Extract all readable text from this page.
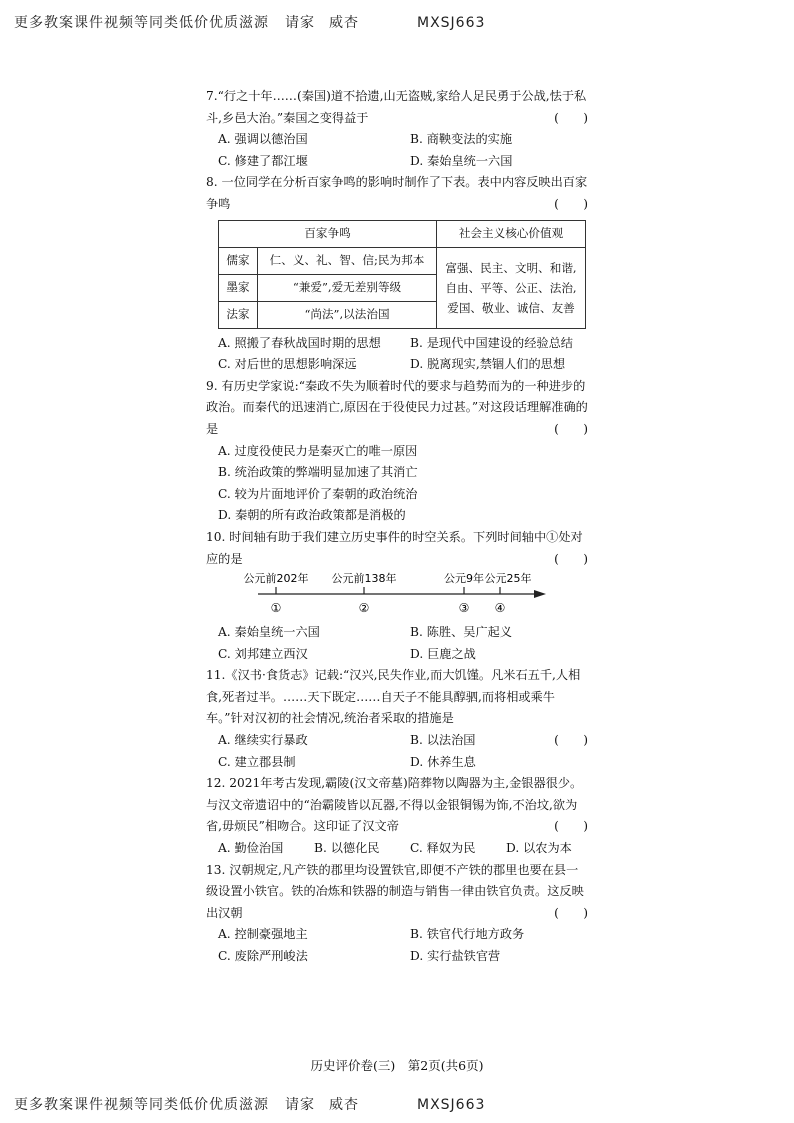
更多教案课件视频等同类低价优质滋源 请家 威杏	MXSJ663
7.“行之十年……(秦国)道不拾遗,山无盗贼,家给人足民勇于公战,怯于私斗,乡邑大治。”秦国之变得益于	(　　)
A. 强调以德治国	B. 商鞅变法的实施
C. 修建了都江堰	D. 秦始皇统一六国
8. 一位同学在分析百家争鸣的影响时制作了下表。表中内容反映出百家争鸣	(　　)
百家争鸣		社会主义核心价值观
儒家	仁、义、礼、智、信;民为邦本	富强、民主、文明、和谐,自由、平等、公正、法治,爱国、敬业、诚信、友善
墨家	“兼爱”,爱无差别等级	
法家	“尚法”,以法治国	
A. 照搬了春秋战国时期的思想	B. 是现代中国建设的经验总结
C. 对后世的思想影响深远	D. 脱离现实,禁锢人们的思想
9. 有历史学家说:“秦政不失为顺着时代的要求与趋势而为的一种进步的政治。而秦代的迅速消亡,原因在于役使民力过甚。”对这段话理解准确的是	(　　)
A. 过度役使民力是秦灭亡的唯一原因
B. 统治政策的弊端明显加速了其消亡
C. 较为片面地评价了秦朝的政治统治
D. 秦朝的所有政治政策都是消极的
10. 时间轴有助于我们建立历史事件的时空关系。下列时间轴中①处对应的是	(　　)
公元前202年 公元前138年	公元9年 公元25年
①	②	③ ④
A. 秦始皇统一六国	B. 陈胜、吴广起义
C. 刘邦建立西汉	D. 巨鹿之战
11.《汉书·食货志》记载:“汉兴,民失作业,而大饥馑。凡米石五千,人相食,死者过半。……天下既定……自天子不能具醇驷,而将相或乘牛车。”针对汉初的社会情况,统治者采取的措施是
(　　)
A. 继续实行暴政	B. 以法治国
C. 建立郡县制	D. 休养生息
12. 2021年考古发现,霸陵(汉文帝墓)陪葬物以陶器为主,金银器很少。与汉文帝遗诏中的“治霸陵皆以瓦器,不得以金银铜锡为饰,不治坟,欲为省,毋烦民”相吻合。这印证了汉文帝	(　　)
A. 勤俭治国	B. 以德化民	C. 释奴为民	D. 以农为本
13. 汉朝规定,凡产铁的郡里均设置铁官,即便不产铁的郡里也要在县一级设置小铁官。铁的冶炼和铁器的制造与销售一律由铁官负责。这反映出汉朝	(　　)
A. 控制豪强地主	B. 铁官代行地方政务
C. 废除严刑峻法	D. 实行盐铁官营
历史评价卷(三)　第2页(共6页)
更多教案课件视频等同类低价优质滋源 请家 威杏	MXSJ663
